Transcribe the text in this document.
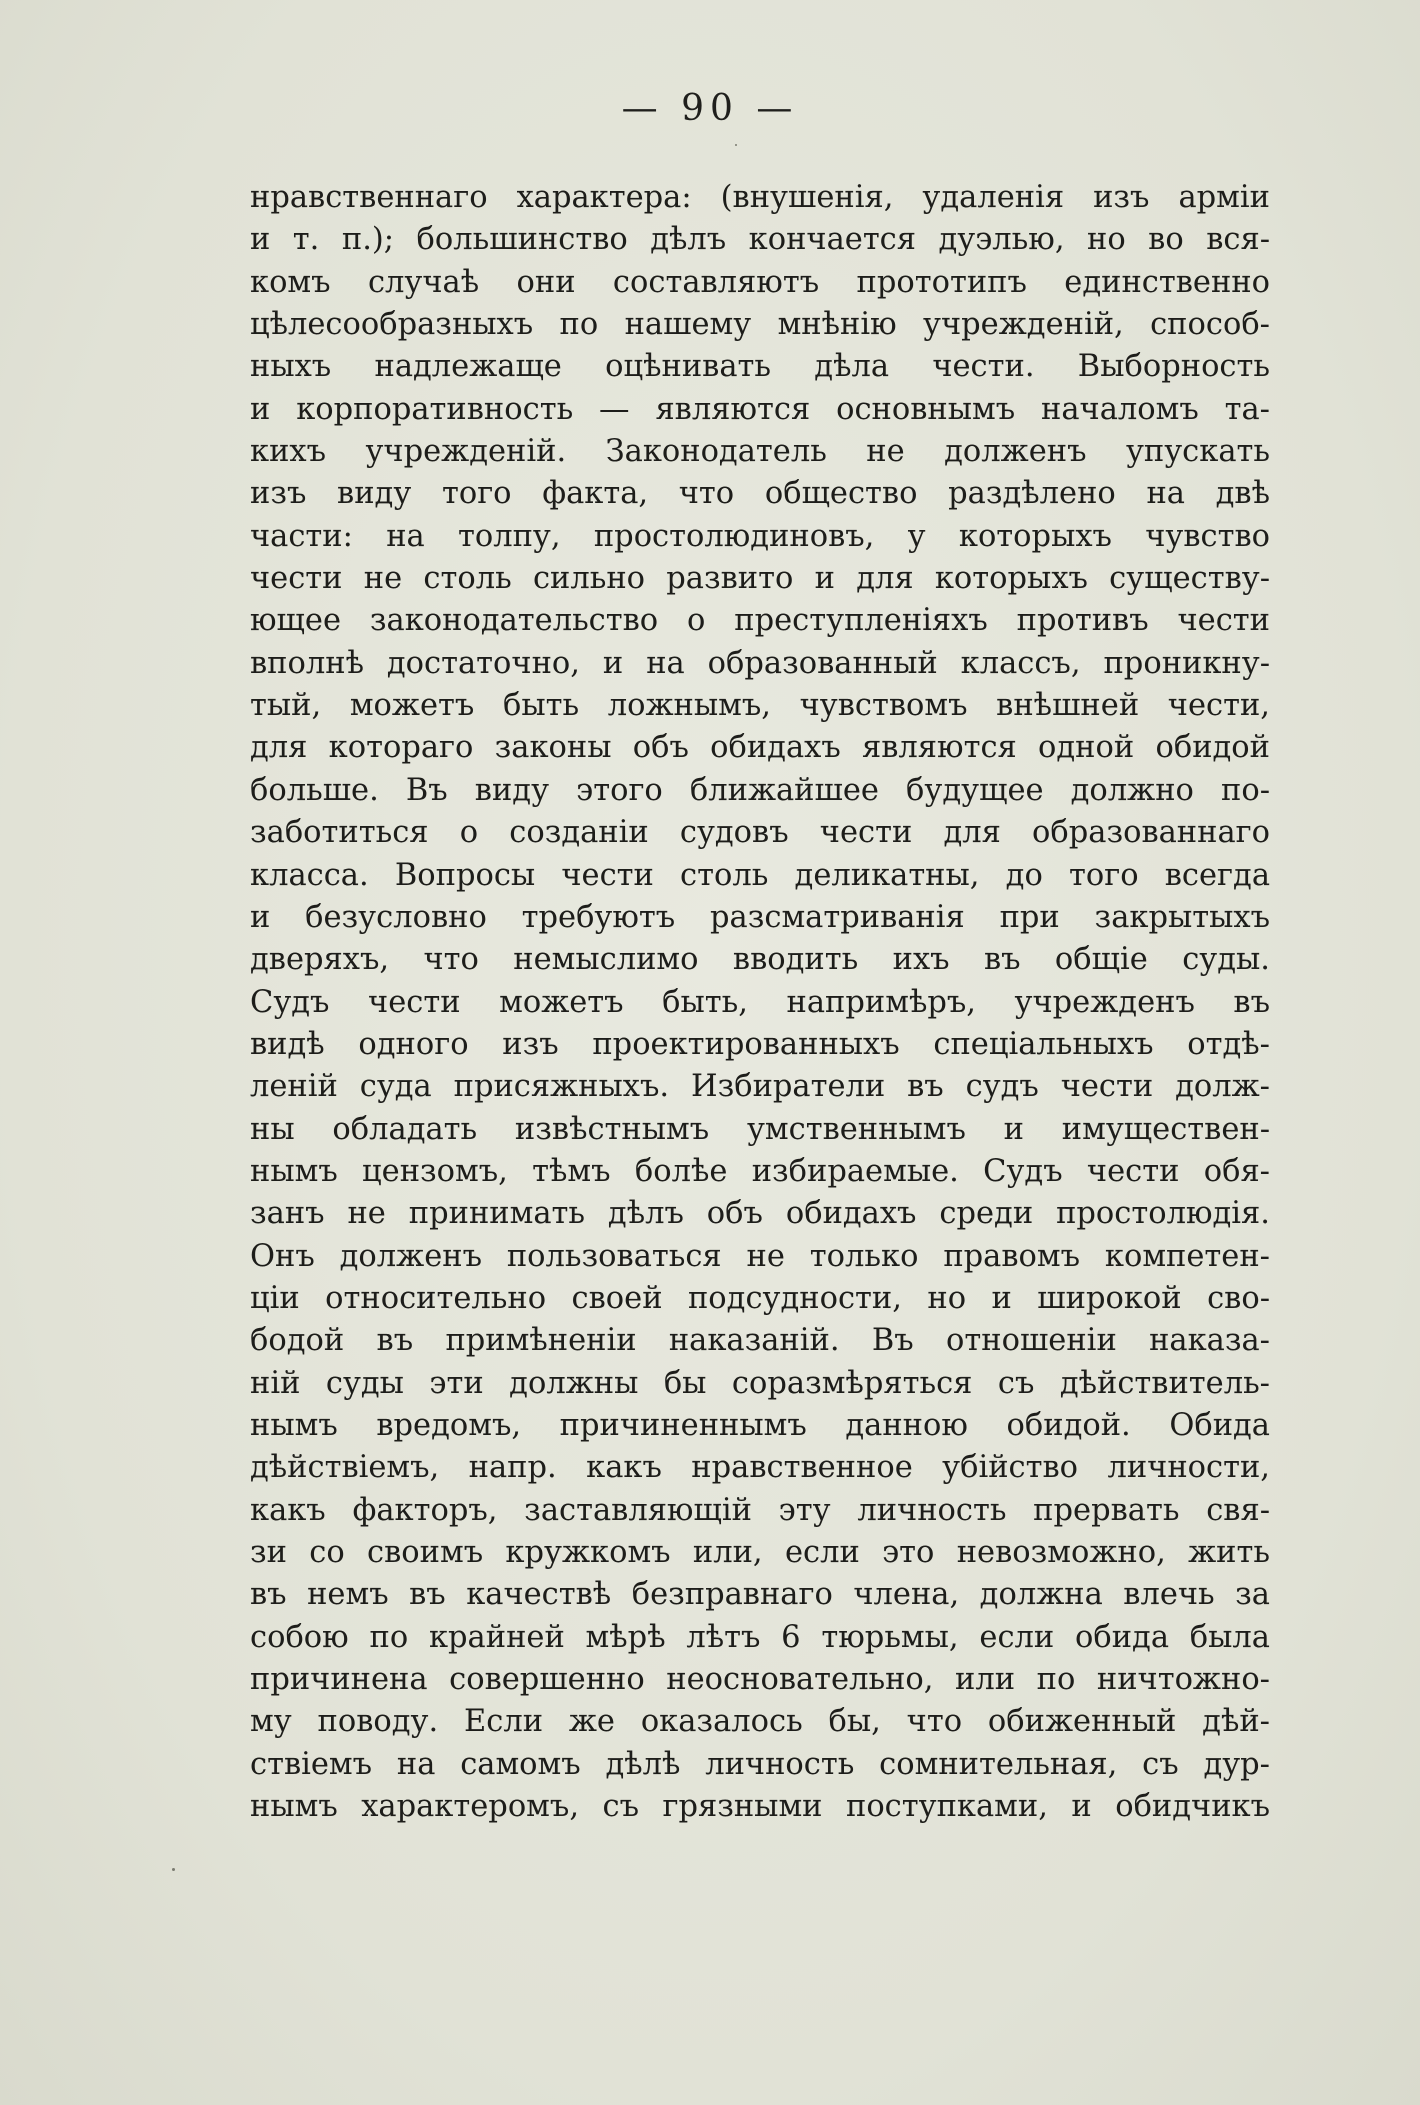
— 90 —
нравственнаго характера: (внушенія, удаленія изъ арміи
и т. п.); большинство дѣлъ кончается дуэлью, но во вся-
комъ случаѣ они составляютъ прототипъ единственно
цѣлесообразныхъ по нашему мнѣнію учрежденій, способ-
ныхъ надлежаще оцѣнивать дѣла чести. Выборность
и корпоративность — являются основнымъ началомъ та-
кихъ учрежденій. Законодатель не долженъ упускать
изъ виду того факта, что общество раздѣлено на двѣ
части: на толпу, простолюдиновъ, у которыхъ чувство
чести не столь сильно развито и для которыхъ существу-
ющее законодательство о преступленіяхъ противъ чести
вполнѣ достаточно, и на образованный классъ, проникну-
тый, можетъ быть ложнымъ, чувствомъ внѣшней чести,
для котораго законы объ обидахъ являются одной обидой
больше. Въ виду этого ближайшее будущее должно по-
заботиться о созданіи судовъ чести для образованнаго
класса. Вопросы чести столь деликатны, до того всегда
и безусловно требуютъ разсматриванія при закрытыхъ
дверяхъ, что немыслимо вводить ихъ въ общіе суды.
Судъ чести можетъ быть, напримѣръ, учрежденъ въ
видѣ одного изъ проектированныхъ спеціальныхъ отдѣ-
леній суда присяжныхъ. Избиратели въ судъ чести долж-
ны обладать извѣстнымъ умственнымъ и имуществен-
нымъ цензомъ, тѣмъ болѣе избираемые. Судъ чести обя-
занъ не принимать дѣлъ объ обидахъ среди простолюдія.
Онъ долженъ пользоваться не только правомъ компетен-
ціи относительно своей подсудности, но и широкой сво-
бодой въ примѣненіи наказаній. Въ отношеніи наказа-
ній суды эти должны бы соразмѣряться съ дѣйствитель-
нымъ вредомъ, причиненнымъ данною обидой. Обида
дѣйствіемъ, напр. какъ нравственное убійство личности,
какъ факторъ, заставляющій эту личность прервать свя-
зи со своимъ кружкомъ или, если это невозможно, жить
въ немъ въ качествѣ безправнаго члена, должна влечь за
собою по крайней мѣрѣ лѣтъ 6 тюрьмы, если обида была
причинена совершенно неосновательно, или по ничтожно-
му поводу. Если же оказалось бы, что обиженный дѣй-
ствіемъ на самомъ дѣлѣ личность сомнительная, съ дур-
нымъ характеромъ, съ грязными поступками, и обидчикъ
